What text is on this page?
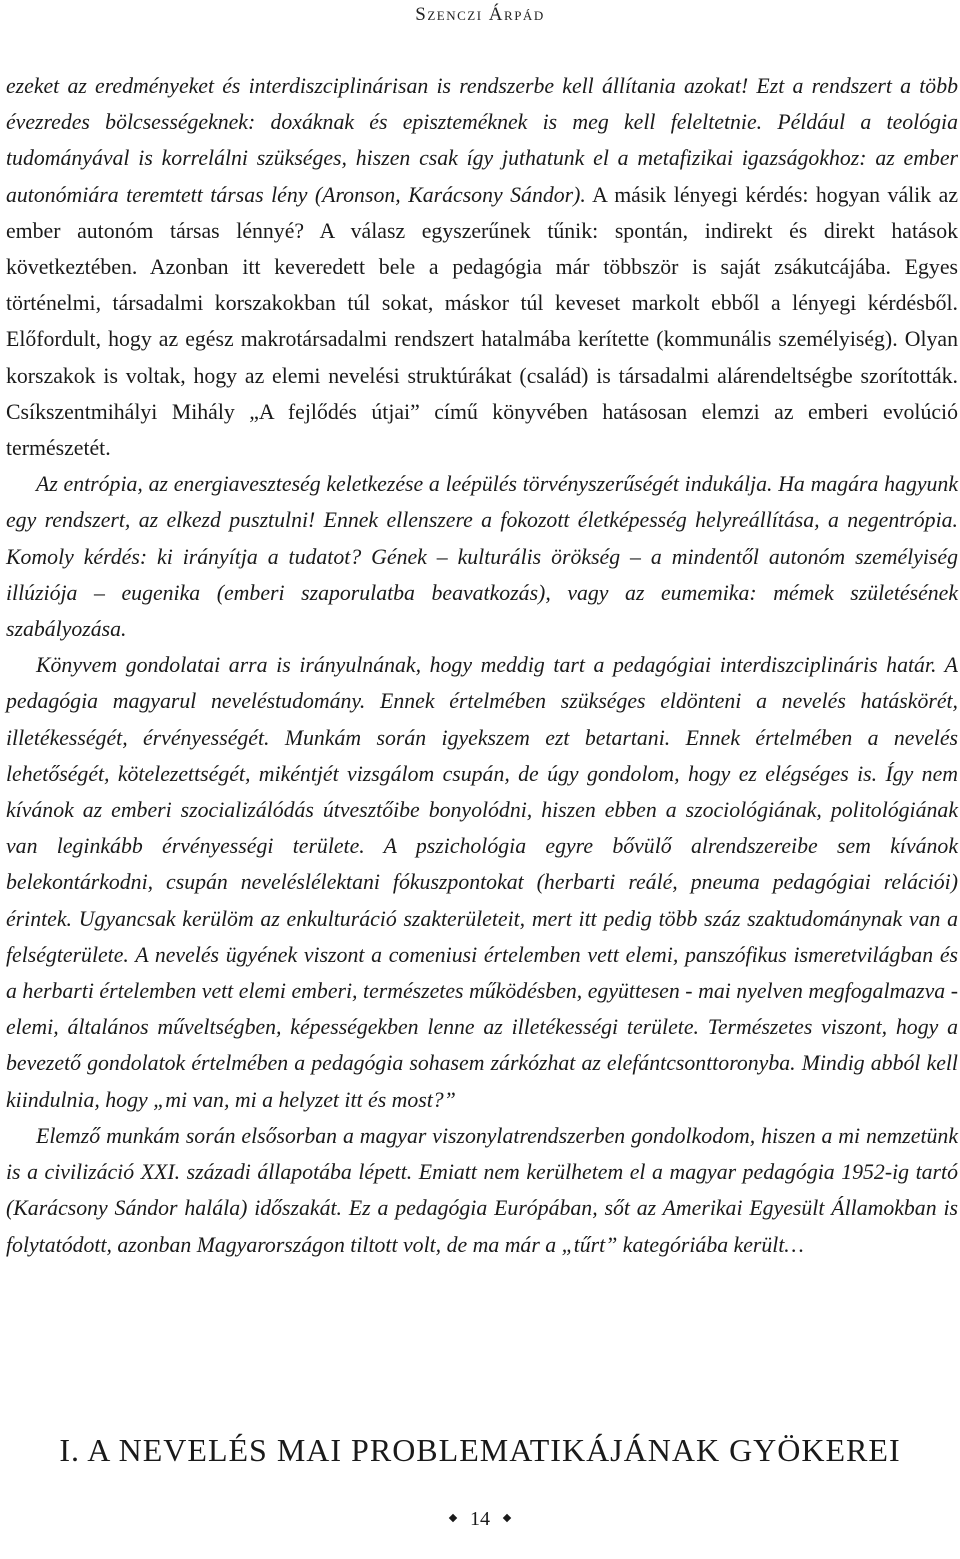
Szenczi Árpád

ezeket az eredményeket és interdiszciplinárisan is rendszerbe kell állítania azokat! Ezt a rendszert a több évezredes bölcsességeknek: doxáknak és episzteméknek is meg kell feleltetnie. Például a teológia tudományával is korrelálni szükséges, hiszen csak így juthatunk el a metafizikai igazságokhoz: az ember autonómiára teremtett társas lény (Aronson, Karácsony Sándor). A másik lényegi kérdés: hogyan válik az ember autonóm társas lénnyé? A válasz egyszerűnek tűnik: spontán, indirekt és direkt hatások következtében. Azonban itt keveredett bele a pedagógia már többször is saját zsákutcájába. Egyes történelmi, társadalmi korszakokban túl sokat, máskor túl keveset markolt ebből a lényegi kérdésből. Előfordult, hogy az egész makrotársadalmi rendszert hatalmába kerítette (kommunális személyiség). Olyan korszakok is voltak, hogy az elemi nevelési struktúrákat (család) is társadalmi alárendeltségbe szorították. Csíkszentmihályi Mihály „A fejlődés útjai” című könyvében hatásosan elemzi az emberi evolúció természetét.

Az entrópia, az energiaveszteség keletkezése a leépülés törvényszerűségét indukálja. Ha magára hagyunk egy rendszert, az elkezd pusztulni! Ennek ellenszere a fokozott életképesség helyreállítása, a negentrópia. Komoly kérdés: ki irányítja a tudatot? Gének – kulturális örökség – a mindentől autonóm személyiség illúziója – eugenika (emberi szaporulatba beavatkozás), vagy az eumemika: mémek születésének szabályozása.

Könyvem gondolatai arra is irányulnának, hogy meddig tart a pedagógiai interdiszciplináris határ. A pedagógia magyarul neveléstudomány. Ennek értelmében szükséges eldönteni a nevelés hatáskörét, illetékességét, érvényességét. Munkám során igyekszem ezt betartani. Ennek értelmében a nevelés lehetőségét, kötelezettségét, mikéntjét vizsgálom csupán, de úgy gondolom, hogy ez elégséges is. Így nem kívánok az emberi szocializálódás útvesztőibe bonyolódni, hiszen ebben a szociológiának, politológiának van leginkább érvényességi területe. A pszichológia egyre bővülő alrendszereibe sem kívánok belekontárkodni, csupán neveléslélektani fókuszpontokat (herbarti reálé, pneuma pedagógiai relációi) érintek. Ugyancsak kerülöm az enkulturáció szakterületeit, mert itt pedig több száz szaktudománynak van a felségterülete. A nevelés ügyének viszont a comeniusi értelemben vett elemi, panszófikus ismeretvilágban és a herbarti értelemben vett elemi emberi, természetes működésben, együttesen - mai nyelven megfogalmazva - elemi, általános műveltségben, képességekben lenne az illetékességi területe. Természetes viszont, hogy a bevezető gondolatok értelmében a pedagógia sohasem zárkózhat az elefántcsonttoronyba. Mindig abból kell kiindulnia, hogy „mi van, mi a helyzet itt és most?”

Elemző munkám során elsősorban a magyar viszonylatrendszerben gondolkodom, hiszen a mi nemzetünk is a civilizáció XXI. századi állapotába lépett. Emiatt nem kerülhetem el a magyar pedagógia 1952-ig tartó (Karácsony Sándor halála) időszakát. Ez a pedagógia Európában, sőt az Amerikai Egyesült Államokban is folytatódott, azonban Magyarországon tiltott volt, de ma már a „tűrt” kategóriába került…

I. A NEVELÉS MAI PROBLEMATIKÁJÁNAK GYÖKEREI
14
